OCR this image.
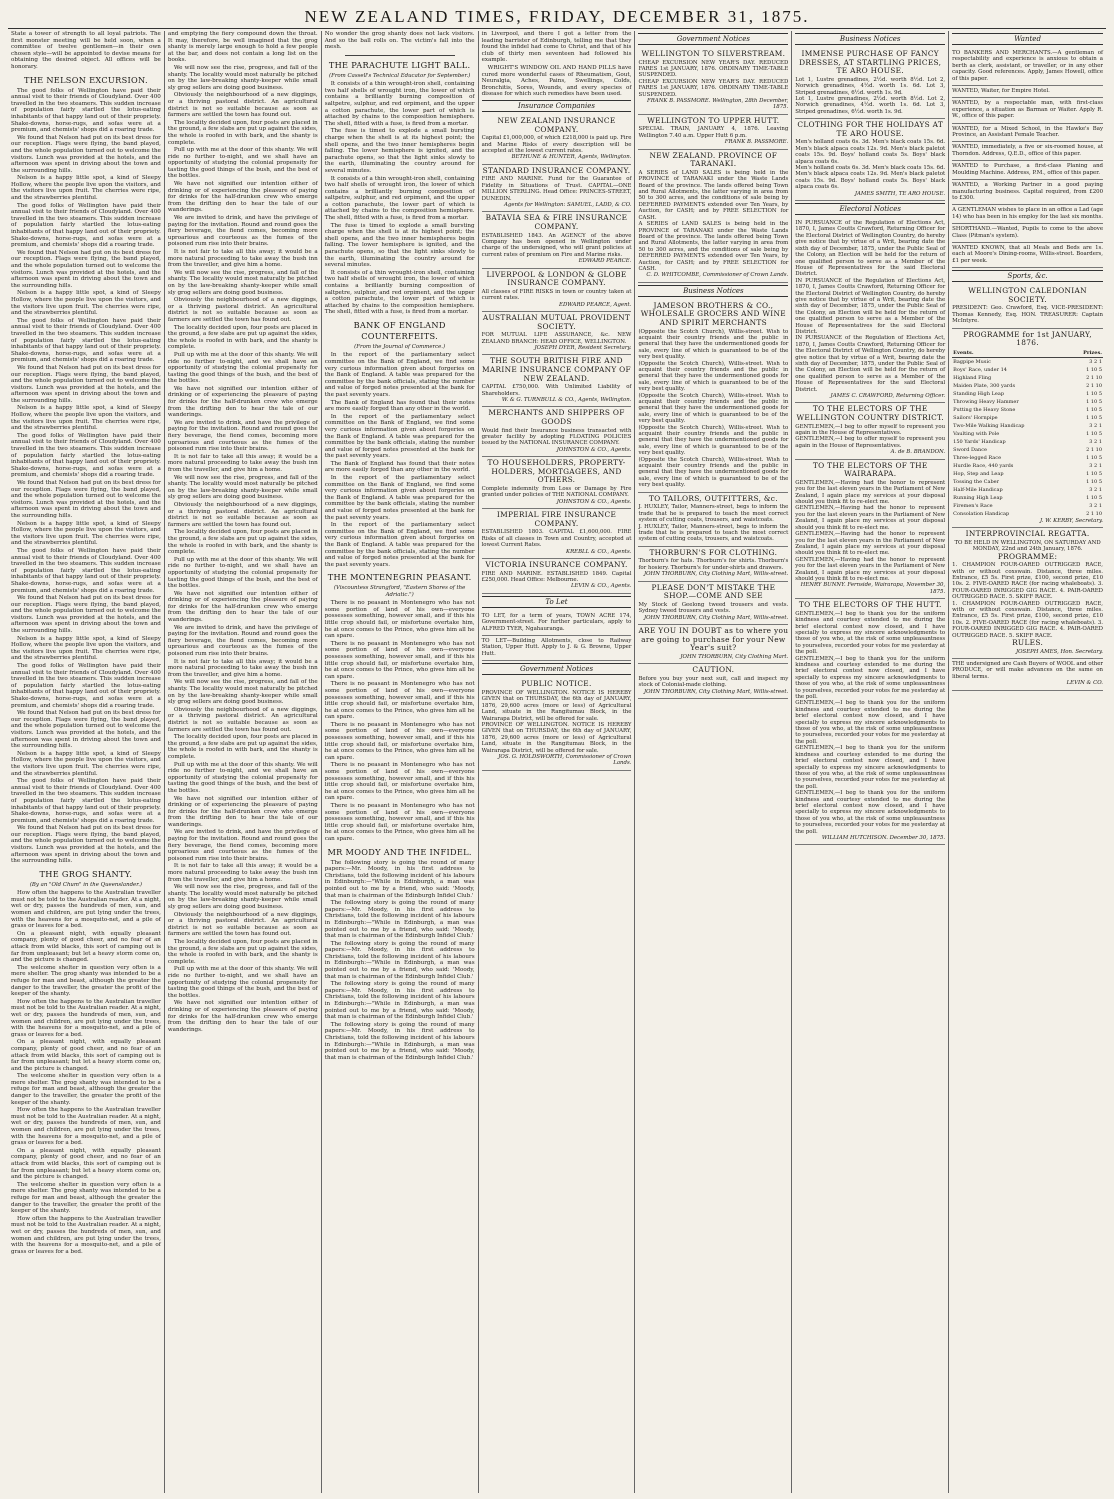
NEW ZEALAND TIMES, FRIDAY, DECEMBER 31, 1875.

State a tower of strength to all loyal patriots. The first monster meeting will be held soon, when a committee of twelve gentlemen—in their own chosen style—will be appointed to devise means for obtaining the desired object. All offices will be honorary.

THE NELSON EXCURSION.

The good folks of Wellington have paid their annual visit to their friends of Cloudyland. Over 400 travelled in the two steamers. This sudden increase of population fairly startled the lotus-eating inhabitants of that happy land out of their propriety. Shake-downs, horse-rugs, and sofas were at a premium, and chemists' shops did a roaring trade.

We found that Nelson had put on its best dress for our reception. Flags were flying, the band played, and the whole population turned out to welcome the visitors. Lunch was provided at the hotels, and the afternoon was spent in driving about the town and the surrounding hills.

Nelson is a happy little spot, a kind of Sleepy Hollow, where the people live upon the visitors, and the visitors live upon fruit. The cherries were ripe, and the strawberries plentiful.

The good folks of Wellington have paid their annual visit to their friends of Cloudyland. Over 400 travelled in the two steamers. This sudden increase of population fairly startled the lotus-eating inhabitants of that happy land out of their propriety. Shake-downs, horse-rugs, and sofas were at a premium, and chemists' shops did a roaring trade.

We found that Nelson had put on its best dress for our reception. Flags were flying, the band played, and the whole population turned out to welcome the visitors. Lunch was provided at the hotels, and the afternoon was spent in driving about the town and the surrounding hills.

Nelson is a happy little spot, a kind of Sleepy Hollow, where the people live upon the visitors, and the visitors live upon fruit. The cherries were ripe, and the strawberries plentiful.

The good folks of Wellington have paid their annual visit to their friends of Cloudyland. Over 400 travelled in the two steamers. This sudden increase of population fairly startled the lotus-eating inhabitants of that happy land out of their propriety. Shake-downs, horse-rugs, and sofas were at a premium, and chemists' shops did a roaring trade.

We found that Nelson had put on its best dress for our reception. Flags were flying, the band played, and the whole population turned out to welcome the visitors. Lunch was provided at the hotels, and the afternoon was spent in driving about the town and the surrounding hills.

Nelson is a happy little spot, a kind of Sleepy Hollow, where the people live upon the visitors, and the visitors live upon fruit. The cherries were ripe, and the strawberries plentiful.

The good folks of Wellington have paid their annual visit to their friends of Cloudyland. Over 400 travelled in the two steamers. This sudden increase of population fairly startled the lotus-eating inhabitants of that happy land out of their propriety. Shake-downs, horse-rugs, and sofas were at a premium, and chemists' shops did a roaring trade.

We found that Nelson had put on its best dress for our reception. Flags were flying, the band played, and the whole population turned out to welcome the visitors. Lunch was provided at the hotels, and the afternoon was spent in driving about the town and the surrounding hills.

Nelson is a happy little spot, a kind of Sleepy Hollow, where the people live upon the visitors, and the visitors live upon fruit. The cherries were ripe, and the strawberries plentiful.

The good folks of Wellington have paid their annual visit to their friends of Cloudyland. Over 400 travelled in the two steamers. This sudden increase of population fairly startled the lotus-eating inhabitants of that happy land out of their propriety. Shake-downs, horse-rugs, and sofas were at a premium, and chemists' shops did a roaring trade.

We found that Nelson had put on its best dress for our reception. Flags were flying, the band played, and the whole population turned out to welcome the visitors. Lunch was provided at the hotels, and the afternoon was spent in driving about the town and the surrounding hills.

Nelson is a happy little spot, a kind of Sleepy Hollow, where the people live upon the visitors, and the visitors live upon fruit. The cherries were ripe, and the strawberries plentiful.

The good folks of Wellington have paid their annual visit to their friends of Cloudyland. Over 400 travelled in the two steamers. This sudden increase of population fairly startled the lotus-eating inhabitants of that happy land out of their propriety. Shake-downs, horse-rugs, and sofas were at a premium, and chemists' shops did a roaring trade.

We found that Nelson had put on its best dress for our reception. Flags were flying, the band played, and the whole population turned out to welcome the visitors. Lunch was provided at the hotels, and the afternoon was spent in driving about the town and the surrounding hills.

Nelson is a happy little spot, a kind of Sleepy Hollow, where the people live upon the visitors, and the visitors live upon fruit. The cherries were ripe, and the strawberries plentiful.

The good folks of Wellington have paid their annual visit to their friends of Cloudyland. Over 400 travelled in the two steamers. This sudden increase of population fairly startled the lotus-eating inhabitants of that happy land out of their propriety. Shake-downs, horse-rugs, and sofas were at a premium, and chemists' shops did a roaring trade.

We found that Nelson had put on its best dress for our reception. Flags were flying, the band played, and the whole population turned out to welcome the visitors. Lunch was provided at the hotels, and the afternoon was spent in driving about the town and the surrounding hills.

THE GROG SHANTY.
(By an "Old Chum" in the Queenslander.)

How often the happens to the Australian traveller must not be told to the Australian reader. At a night, wet or dry, passes the hundreds of men, sun, and women and children, are put lying under the trees, with the heavens for a mosquito-net, and a pile of grass or leaves for a bed.

On a pleasant night, with equally pleasant company, plenty of good cheer, and no fear of an attack from wild blacks, this sort of camping out is far from unpleasant; but let a heavy storm come on, and the picture is changed.

The welcome shelter in question very often is a mere shelter. The grog shanty was intended to be a refuge for man and beast, although the greater the danger to the traveller, the greater the profit of the keeper of the shanty.

How often the happens to the Australian traveller must not be told to the Australian reader. At a night, wet or dry, passes the hundreds of men, sun, and women and children, are put lying under the trees, with the heavens for a mosquito-net, and a pile of grass or leaves for a bed.

On a pleasant night, with equally pleasant company, plenty of good cheer, and no fear of an attack from wild blacks, this sort of camping out is far from unpleasant; but let a heavy storm come on, and the picture is changed.

The welcome shelter in question very often is a mere shelter. The grog shanty was intended to be a refuge for man and beast, although the greater the danger to the traveller, the greater the profit of the keeper of the shanty.

How often the happens to the Australian traveller must not be told to the Australian reader. At a night, wet or dry, passes the hundreds of men, sun, and women and children, are put lying under the trees, with the heavens for a mosquito-net, and a pile of grass or leaves for a bed.

On a pleasant night, with equally pleasant company, plenty of good cheer, and no fear of an attack from wild blacks, this sort of camping out is far from unpleasant; but let a heavy storm come on, and the picture is changed.

The welcome shelter in question very often is a mere shelter. The grog shanty was intended to be a refuge for man and beast, although the greater the danger to the traveller, the greater the profit of the keeper of the shanty.

How often the happens to the Australian traveller must not be told to the Australian reader. At a night, wet or dry, passes the hundreds of men, sun, and women and children, are put lying under the trees, with the heavens for a mosquito-net, and a pile of grass or leaves for a bed.

and emptying the fiery compound down the throat. It may, therefore, be well imagined that the grog shanty is merely large enough to hold a few people at the bar, and does not contain a long list on the books.

We will now see the rise, progress, and fall of the shanty. The locality would most naturally be pitched on by the law-breaking shanty-keeper while small sly grog sellers are doing good business.

Obviously the neighbourhood of a new diggings, or a thriving pastoral district. An agricultural district is not so suitable because as soon as farmers are settled the town has found out.

The locality decided upon, four posts are placed in the ground, a few slabs are put up against the sides, the whole is roofed in with bark, and the shanty is complete.

Pull up with me at the door of this shanty. We will ride no further to-night, and we shall have an opportunity of studying the colonial propensity for tasting the good things of the bush, and the best of the bottles.

We have not signified our intention either of drinking or of experiencing the pleasure of paying for drinks for the half-drunken crew who emerge from the drifting den to hear the tale of our wanderings.

We are invited to drink, and have the privilege of paying for the invitation. Round and round goes the fiery beverage, the fiend comes, becoming more uproarious and courteous as the fumes of the poisoned rum rise into their brains.

It is not fair to take all this away; it would be a more natural proceeding to take away the bush inn from the traveller, and give him a home.

We will now see the rise, progress, and fall of the shanty. The locality would most naturally be pitched on by the law-breaking shanty-keeper while small sly grog sellers are doing good business.

Obviously the neighbourhood of a new diggings, or a thriving pastoral district. An agricultural district is not so suitable because as soon as farmers are settled the town has found out.

The locality decided upon, four posts are placed in the ground, a few slabs are put up against the sides, the whole is roofed in with bark, and the shanty is complete.

Pull up with me at the door of this shanty. We will ride no further to-night, and we shall have an opportunity of studying the colonial propensity for tasting the good things of the bush, and the best of the bottles.

We have not signified our intention either of drinking or of experiencing the pleasure of paying for drinks for the half-drunken crew who emerge from the drifting den to hear the tale of our wanderings.

We are invited to drink, and have the privilege of paying for the invitation. Round and round goes the fiery beverage, the fiend comes, becoming more uproarious and courteous as the fumes of the poisoned rum rise into their brains.

It is not fair to take all this away; it would be a more natural proceeding to take away the bush inn from the traveller, and give him a home.

We will now see the rise, progress, and fall of the shanty. The locality would most naturally be pitched on by the law-breaking shanty-keeper while small sly grog sellers are doing good business.

Obviously the neighbourhood of a new diggings, or a thriving pastoral district. An agricultural district is not so suitable because as soon as farmers are settled the town has found out.

The locality decided upon, four posts are placed in the ground, a few slabs are put up against the sides, the whole is roofed in with bark, and the shanty is complete.

Pull up with me at the door of this shanty. We will ride no further to-night, and we shall have an opportunity of studying the colonial propensity for tasting the good things of the bush, and the best of the bottles.

We have not signified our intention either of drinking or of experiencing the pleasure of paying for drinks for the half-drunken crew who emerge from the drifting den to hear the tale of our wanderings.

We are invited to drink, and have the privilege of paying for the invitation. Round and round goes the fiery beverage, the fiend comes, becoming more uproarious and courteous as the fumes of the poisoned rum rise into their brains.

It is not fair to take all this away; it would be a more natural proceeding to take away the bush inn from the traveller, and give him a home.

We will now see the rise, progress, and fall of the shanty. The locality would most naturally be pitched on by the law-breaking shanty-keeper while small sly grog sellers are doing good business.

Obviously the neighbourhood of a new diggings, or a thriving pastoral district. An agricultural district is not so suitable because as soon as farmers are settled the town has found out.

The locality decided upon, four posts are placed in the ground, a few slabs are put up against the sides, the whole is roofed in with bark, and the shanty is complete.

Pull up with me at the door of this shanty. We will ride no further to-night, and we shall have an opportunity of studying the colonial propensity for tasting the good things of the bush, and the best of the bottles.

We have not signified our intention either of drinking or of experiencing the pleasure of paying for drinks for the half-drunken crew who emerge from the drifting den to hear the tale of our wanderings.

We are invited to drink, and have the privilege of paying for the invitation. Round and round goes the fiery beverage, the fiend comes, becoming more uproarious and courteous as the fumes of the poisoned rum rise into their brains.

It is not fair to take all this away; it would be a more natural proceeding to take away the bush inn from the traveller, and give him a home.

We will now see the rise, progress, and fall of the shanty. The locality would most naturally be pitched on by the law-breaking shanty-keeper while small sly grog sellers are doing good business.

Obviously the neighbourhood of a new diggings, or a thriving pastoral district. An agricultural district is not so suitable because as soon as farmers are settled the town has found out.

The locality decided upon, four posts are placed in the ground, a few slabs are put up against the sides, the whole is roofed in with bark, and the shanty is complete.

Pull up with me at the door of this shanty. We will ride no further to-night, and we shall have an opportunity of studying the colonial propensity for tasting the good things of the bush, and the best of the bottles.

We have not signified our intention either of drinking or of experiencing the pleasure of paying for drinks for the half-drunken crew who emerge from the drifting den to hear the tale of our wanderings.

No wonder the grog shanty does not lack visitors. And so the ball rolls on. The victim's fall into the mesh.

THE PARACHUTE LIGHT BALL.
(From Cassell's Technical Educator for September.)

It consists of a thin wrought-iron shell, containing two half shells of wrought iron, the lower of which contains a brilliantly burning composition of saltpetre, sulphur, and red orpiment, and the upper a cotton parachute, the lower part of which is attached by chains to the composition hemisphere. The shell, fitted with a fuse, is fired from a mortar.

The fuse is timed to explode a small bursting charge when the shell is at its highest point; the shell opens, and the two inner hemispheres begin falling. The lower hemisphere is ignited, and the parachute opens, so that the light sinks slowly to the earth, illuminating the country around for several minutes.

It consists of a thin wrought-iron shell, containing two half shells of wrought iron, the lower of which contains a brilliantly burning composition of saltpetre, sulphur, and red orpiment, and the upper a cotton parachute, the lower part of which is attached by chains to the composition hemisphere. The shell, fitted with a fuse, is fired from a mortar.

The fuse is timed to explode a small bursting charge when the shell is at its highest point; the shell opens, and the two inner hemispheres begin falling. The lower hemisphere is ignited, and the parachute opens, so that the light sinks slowly to the earth, illuminating the country around for several minutes.

It consists of a thin wrought-iron shell, containing two half shells of wrought iron, the lower of which contains a brilliantly burning composition of saltpetre, sulphur, and red orpiment, and the upper a cotton parachute, the lower part of which is attached by chains to the composition hemisphere. The shell, fitted with a fuse, is fired from a mortar.

BANK OF ENGLAND COUNTERFEITS.
(From the Journal of Commerce.)

In the report of the parliamentary select committee on the Bank of England, we find some very curious information given about forgeries on the Bank of England. A table was prepared for the committee by the bank officials, stating the number and value of forged notes presented at the bank for the past seventy years.

The Bank of England has found that their notes are more easily forged than any other in the world.

In the report of the parliamentary select committee on the Bank of England, we find some very curious information given about forgeries on the Bank of England. A table was prepared for the committee by the bank officials, stating the number and value of forged notes presented at the bank for the past seventy years.

The Bank of England has found that their notes are more easily forged than any other in the world.

In the report of the parliamentary select committee on the Bank of England, we find some very curious information given about forgeries on the Bank of England. A table was prepared for the committee by the bank officials, stating the number and value of forged notes presented at the bank for the past seventy years.

In the report of the parliamentary select committee on the Bank of England, we find some very curious information given about forgeries on the Bank of England. A table was prepared for the committee by the bank officials, stating the number and value of forged notes presented at the bank for the past seventy years.

THE MONTENEGRIN PEASANT.
(Viscountess Strangford, "Eastern Shores of the Adriatic.")

There is no peasant in Montenegro who has not some portion of land of his own—everyone possesses something, however small, and if this his little crop should fail, or misfortune overtake him, he at once comes to the Prince, who gives him all he can spare.

There is no peasant in Montenegro who has not some portion of land of his own—everyone possesses something, however small, and if this his little crop should fail, or misfortune overtake him, he at once comes to the Prince, who gives him all he can spare.

There is no peasant in Montenegro who has not some portion of land of his own—everyone possesses something, however small, and if this his little crop should fail, or misfortune overtake him, he at once comes to the Prince, who gives him all he can spare.

There is no peasant in Montenegro who has not some portion of land of his own—everyone possesses something, however small, and if this his little crop should fail, or misfortune overtake him, he at once comes to the Prince, who gives him all he can spare.

There is no peasant in Montenegro who has not some portion of land of his own—everyone possesses something, however small, and if this his little crop should fail, or misfortune overtake him, he at once comes to the Prince, who gives him all he can spare.

There is no peasant in Montenegro who has not some portion of land of his own—everyone possesses something, however small, and if this his little crop should fail, or misfortune overtake him, he at once comes to the Prince, who gives him all he can spare.

MR MOODY AND THE INFIDEL.

The following story is going the round of many papers:—Mr. Moody, in his first address to Christians, told the following incident of his labours in Edinburgh:—"While in Edinburgh, a man was pointed out to me by a friend, who said: 'Moody, that man is chairman of the Edinburgh Infidel Club.'

The following story is going the round of many papers:—Mr. Moody, in his first address to Christians, told the following incident of his labours in Edinburgh:—"While in Edinburgh, a man was pointed out to me by a friend, who said: 'Moody, that man is chairman of the Edinburgh Infidel Club.'

The following story is going the round of many papers:—Mr. Moody, in his first address to Christians, told the following incident of his labours in Edinburgh:—"While in Edinburgh, a man was pointed out to me by a friend, who said: 'Moody, that man is chairman of the Edinburgh Infidel Club.'

The following story is going the round of many papers:—Mr. Moody, in his first address to Christians, told the following incident of his labours in Edinburgh:—"While in Edinburgh, a man was pointed out to me by a friend, who said: 'Moody, that man is chairman of the Edinburgh Infidel Club.'

The following story is going the round of many papers:—Mr. Moody, in his first address to Christians, told the following incident of his labours in Edinburgh:—"While in Edinburgh, a man was pointed out to me by a friend, who said: 'Moody, that man is chairman of the Edinburgh Infidel Club.'

in Liverpool, and there I got a letter from the leading barrister of Edinburgh, telling me that they found the infidel had come to Christ, and that of his club of thirty men seventeen had followed his example.

WRIGHT'S WINDOW OIL AND HAND PILLS have cured more wonderful cases of Rheumatism, Gout, Neuralgia, Aches, Pains, Swellings, Colds, Bronchitis, Sores, Wounds, and every species of disease for which such remedies have been used.

Insurance Companies
NEW ZEALAND INSURANCE COMPANY.
Capital £1,000,000, of which £218,000 is paid up. Fire and Marine Risks of every description will be accepted at the lowest current rates.
BETHUNE & HUNTER, Agents, Wellington.
STANDARD INSURANCE COMPANY.
FIRE AND MARINE. Fund for the Guarantee of Fidelity in Situations of Trust. CAPITAL—ONE MILLION STERLING. Head Office: PRINCES-STREET, DUNEDIN.
Agents for Wellington: SAMUEL, LADD, & CO.
BATAVIA SEA & FIRE INSURANCE COMPANY.
ESTABLISHED 1843. An AGENCY of the above Company has been opened in Wellington under charge of the undersigned, who will grant policies at current rates of premium on Fire and Marine risks.
EDWARD PEARCE.
LIVERPOOL & LONDON & GLOBE INSURANCE COMPANY.
All classes of FIRE RISKS in town or country taken at current rates.
EDWARD PEARCE, Agent.
AUSTRALIAN MUTUAL PROVIDENT SOCIETY.
FOR MUTUAL LIFE ASSURANCE, &c. NEW ZEALAND BRANCH: HEAD OFFICE, WELLINGTON.
JOSEPH DYER, Resident Secretary.
THE SOUTH BRITISH FIRE AND MARINE INSURANCE COMPANY OF NEW ZEALAND.
CAPITAL £750,000. With Unlimited Liability of Shareholders.
W. & G. TURNBULL & CO., Agents, Wellington.
MERCHANTS AND SHIPPERS OF GOODS
Would find their Insurance business transacted with greater facility by adopting FLOATING POLICIES issued by the NATIONAL INSURANCE COMPANY.
JOHNSTON & CO., Agents.
TO HOUSEHOLDERS, PROPERTY-HOLDERS, MORTGAGEES, AND OTHERS.
Complete indemnity from Loss or Damage by Fire granted under policies of THE NATIONAL COMPANY.
JOHNSTON & CO., Agents.
IMPERIAL FIRE INSURANCE COMPANY.
ESTABLISHED 1803. CAPITAL £1,600,000. FIRE Risks of all classes in Town and Country, accepted at lowest Current Rates.
KREBLL & CO., Agents.
VICTORIA INSURANCE COMPANY.
FIRE AND MARINE. ESTABLISHED 1849. Capital £250,000. Head Office: Melbourne.
LEVIN & CO., Agents.
To Let
TO LET, for a term of years, TOWN ACRE 174, Government-street. For further particulars, apply to ALFRED TYER, Ngahauranga.
TO LET—Building Allotments, close to Railway Station, Upper Hutt. Apply to J. & G. Browne, Upper Hutt.
Government Notices
PUBLIC NOTICE.
PROVINCE OF WELLINGTON. NOTICE IS HEREBY GIVEN that on THURSDAY, the 6th day of JANUARY, 1876, 29,600 acres (more or less) of Agricultural Land, situate in the Rangitumau Block, in the Wairarapa District, will be offered for sale.
PROVINCE OF WELLINGTON. NOTICE IS HEREBY GIVEN that on THURSDAY, the 6th day of JANUARY, 1876, 29,600 acres (more or less) of Agricultural Land, situate in the Rangitumau Block, in the Wairarapa District, will be offered for sale.
JOS. G. HOLDSWORTH, Commissioner of Crown Lands.
Government Notices
WELLINGTON TO SILVERSTREAM.
CHEAP EXCURSION NEW YEAR'S DAY. REDUCED FARES 1st JANUARY, 1876. ORDINARY TIME-TABLE SUSPENDED.
CHEAP EXCURSION NEW YEAR'S DAY. REDUCED FARES 1st JANUARY, 1876. ORDINARY TIME-TABLE SUSPENDED.
FRANK B. PASSMORE. Wellington, 28th December, 1875.
WELLINGTON TO UPPER HUTT.
SPECIAL TRAIN, JANUARY 4, 1876. Leaving Wellington 7.40 a.m. Upper Hutt 6 p.m.
FRANK B. PASSMORE.
NEW ZEALAND. PROVINCE OF TARANAKI.
A SERIES of LAND SALES is being held in the PROVINCE of TARANAKI under the Waste Lands Board of the province. The lands offered being Town and Rural Allotments, the latter varying in area from 50 to 300 acres, and the conditions of sale being by DEFERRED PAYMENTS extended over Ten Years, by Auction, for CASH; and by FREE SELECTION for CASH.
A SERIES of LAND SALES is being held in the PROVINCE of TARANAKI under the Waste Lands Board of the province. The lands offered being Town and Rural Allotments, the latter varying in area from 50 to 300 acres, and the conditions of sale being by DEFERRED PAYMENTS extended over Ten Years, by Auction, for CASH; and by FREE SELECTION for CASH.
C. D. WHITCOMBE, Commissioner of Crown Lands.
Business Notices
JAMESON BROTHERS & CO., WHOLESALE GROCERS AND WINE AND SPIRIT MERCHANTS
(Opposite the Scotch Church), Willis-street. Wish to acquaint their country friends and the public in general that they have the undermentioned goods for sale, every line of which is guaranteed to be of the very best quality.
(Opposite the Scotch Church), Willis-street. Wish to acquaint their country friends and the public in general that they have the undermentioned goods for sale, every line of which is guaranteed to be of the very best quality.
(Opposite the Scotch Church), Willis-street. Wish to acquaint their country friends and the public in general that they have the undermentioned goods for sale, every line of which is guaranteed to be of the very best quality.
(Opposite the Scotch Church), Willis-street. Wish to acquaint their country friends and the public in general that they have the undermentioned goods for sale, every line of which is guaranteed to be of the very best quality.
(Opposite the Scotch Church), Willis-street. Wish to acquaint their country friends and the public in general that they have the undermentioned goods for sale, every line of which is guaranteed to be of the very best quality.
TO TAILORS, OUTFITTERS, &c.
J. HUXLEY, Tailor, Manners-street, begs to inform the trade that he is prepared to teach the most correct system of cutting coats, trousers, and waistcoats.
J. HUXLEY, Tailor, Manners-street, begs to inform the trade that he is prepared to teach the most correct system of cutting coats, trousers, and waistcoats.
THORBURN'S FOR CLOTHING.
Thorburn's for hats. Thorburn's for shirts. Thorburn's for hosiery. Thorburn's for under-shirts and drawers.
JOHN THORBURN, City Clothing Mart, Willis-street.
PLEASE DON'T MISTAKE THE SHOP.—COME AND SEE
My Stock of Geelong tweed trousers and vests. Sydney tweed trousers and vests.
JOHN THORBURN, City Clothing Mart, Willis-street.
ARE YOU IN DOUBT as to where you are going to purchase for your New Year's suit?
JOHN THORBURN, City Clothing Mart.
CAUTION.
Before you buy your next suit, call and inspect my stock of Colonial-made clothing.
JOHN THORBURN, City Clothing Mart, Willis-street.
Business Notices
IMMENSE PURCHASE OF FANCY DRESSES, AT STARTLING PRICES, TE ARO HOUSE.
Lot 1, Lustre grenadines, 2½d. worth 8½d. Lot 2, Norwich grenadines, 4½d. worth 1s. 6d. Lot 3, Striped grenadines, 6½d. worth 1s. 9d.
Lot 1, Lustre grenadines, 2½d. worth 8½d. Lot 2, Norwich grenadines, 4½d. worth 1s. 6d. Lot 3, Striped grenadines, 6½d. worth 1s. 9d.
CLOTHING FOR THE HOLIDAYS AT TE ARO HOUSE.
Men's holland coats 6s. 3d. Men's black coats 15s. 6d. Men's black alpaca coats 12s. 9d. Men's black paletot coats 15s. 9d. Boys' holland coats 5s. Boys' black alpaca coats 6s.
Men's holland coats 6s. 3d. Men's black coats 15s. 6d. Men's black alpaca coats 12s. 9d. Men's black paletot coats 15s. 9d. Boys' holland coats 5s. Boys' black alpaca coats 6s.
JAMES SMITH, TE ARO HOUSE.
Electoral Notices
IN PURSUANCE of the Regulation of Elections Act, 1870, I, James Coutts Crawford, Returning Officer for the Electoral District of Wellington Country, do hereby give notice that by virtue of a Writ, bearing date the sixth day of December, 1875, under the Public Seal of the Colony, an Election will be held for the return of one qualified person to serve as a Member of the House of Representatives for the said Electoral District.
IN PURSUANCE of the Regulation of Elections Act, 1870, I, James Coutts Crawford, Returning Officer for the Electoral District of Wellington Country, do hereby give notice that by virtue of a Writ, bearing date the sixth day of December, 1875, under the Public Seal of the Colony, an Election will be held for the return of one qualified person to serve as a Member of the House of Representatives for the said Electoral District.
IN PURSUANCE of the Regulation of Elections Act, 1870, I, James Coutts Crawford, Returning Officer for the Electoral District of Wellington Country, do hereby give notice that by virtue of a Writ, bearing date the sixth day of December, 1875, under the Public Seal of the Colony, an Election will be held for the return of one qualified person to serve as a Member of the House of Representatives for the said Electoral District.
JAMES C. CRAWFORD, Returning Officer.
TO THE ELECTORS OF THE WELLINGTON COUNTRY DISTRICT.
GENTLEMEN,—I beg to offer myself to represent you again in the House of Representatives.
GENTLEMEN,—I beg to offer myself to represent you again in the House of Representatives.
A. de B. BRANDON.
TO THE ELECTORS OF THE WAIRARAPA.
GENTLEMEN,—Having had the honor to represent you for the last eleven years in the Parliament of New Zealand, I again place my services at your disposal should you think fit to re-elect me.
GENTLEMEN,—Having had the honor to represent you for the last eleven years in the Parliament of New Zealand, I again place my services at your disposal should you think fit to re-elect me.
GENTLEMEN,—Having had the honor to represent you for the last eleven years in the Parliament of New Zealand, I again place my services at your disposal should you think fit to re-elect me.
GENTLEMEN,—Having had the honor to represent you for the last eleven years in the Parliament of New Zealand, I again place my services at your disposal should you think fit to re-elect me.
HENRY BUNNY. Fernside, Wairarapa, November 30, 1875.
TO THE ELECTORS OF THE HUTT.
GENTLEMEN,—I beg to thank you for the uniform kindness and courtesy extended to me during the brief electoral contest now closed, and I have specially to express my sincere acknowledgments to those of you who, at the risk of some unpleasantness to yourselves, recorded your votes for me yesterday at the poll.
GENTLEMEN,—I beg to thank you for the uniform kindness and courtesy extended to me during the brief electoral contest now closed, and I have specially to express my sincere acknowledgments to those of you who, at the risk of some unpleasantness to yourselves, recorded your votes for me yesterday at the poll.
GENTLEMEN,—I beg to thank you for the uniform kindness and courtesy extended to me during the brief electoral contest now closed, and I have specially to express my sincere acknowledgments to those of you who, at the risk of some unpleasantness to yourselves, recorded your votes for me yesterday at the poll.
GENTLEMEN,—I beg to thank you for the uniform kindness and courtesy extended to me during the brief electoral contest now closed, and I have specially to express my sincere acknowledgments to those of you who, at the risk of some unpleasantness to yourselves, recorded your votes for me yesterday at the poll.
GENTLEMEN,—I beg to thank you for the uniform kindness and courtesy extended to me during the brief electoral contest now closed, and I have specially to express my sincere acknowledgments to those of you who, at the risk of some unpleasantness to yourselves, recorded your votes for me yesterday at the poll.
WILLIAM HUTCHISON. December 30, 1875.
Wanted
TO BANKERS AND MERCHANTS.—A gentleman of respectability and experience is anxious to obtain a berth as clerk, assistant, or traveller, or in any other capacity. Good references. Apply, James Howell, office of this paper.
WANTED, Waiter, for Empire Hotel.
WANTED, by a respectable man, with first-class experience, a situation as Barman or Waiter. Apply R. W., office of this paper.
WANTED, for a Mixed School, in the Hawke's Bay Province, an Assistant Female Teacher.
WANTED, immediately, a five or six-roomed house, at Thorndon. Address, Q.E.D., office of this paper.
WANTED to Purchase, a first-class Planing and Moulding Machine. Address, P.M., office of this paper.
WANTED, a Working Partner in a good paying manufacturing business. Capital required, from £200 to £300.
A GENTLEMAN wishes to place in an office a Lad (age 14) who has been in his employ for the last six months.
SHORTHAND.—Wanted, Pupils to come to the above Class (Pitman's system).
WANTED KNOWN, that all Meals and Beds are 1s. each at Moore's Dining-rooms, Willis-street. Boarders, £1 per week.
Sports, &c.
WELLINGTON CALEDONIAN SOCIETY.
PRESIDENT: Geo. Crawford, Esq. VICE-PRESIDENT: Thomas Kennedy, Esq. HON. TREASURER: Captain McIntyre.
PROGRAMME for 1st JANUARY, 1876.
Events.	Prizes.
Bagpipe Music	3 2 1
Boys' Race, under 14	1 10 5
Highland Fling	2 1 10
Maiden Plate, 300 yards	2 1 10
Standing High Leap	1 10 5
Throwing Heavy Hammer	1 10 5
Putting the Heavy Stone	1 10 5
Sailors' Hornpipe	1 10 5
Two-Mile Walking Handicap	3 2 1
Vaulting with Pole	1 10 5
150 Yards' Handicap	3 2 1
Sword Dance	2 1 10
Three-legged Race	1 10 5
Hurdle Race, 440 yards	3 2 1
Hop, Step and Leap	1 10 5
Tossing the Caber	1 10 5
Half-Mile Handicap	3 2 1
Running High Leap	1 10 5
Firemen's Race	3 2 1
Consolation Handicap	2 1 10
J. W. KERBY, Secretary.
INTERPROVINCIAL REGATTA.
TO BE HELD IN WELLINGTON, ON SATURDAY AND MONDAY, 22nd and 24th January, 1876.
PROGRAMME:
1. CHAMPION FOUR-OARED OUTRIGGED RACE, with or without coxswain. Distance, three miles. Entrance, £5 5s. First prize, £100, second prize, £10 10s. 2. FIVE-OARED RACE (for racing whaleboats). 3. FOUR-OARED INRIGGED GIG RACE. 4. PAIR-OARED OUTRIGGED RACE. 5. SKIFF RACE.
1. CHAMPION FOUR-OARED OUTRIGGED RACE, with or without coxswain. Distance, three miles. Entrance, £5 5s. First prize, £100, second prize, £10 10s. 2. FIVE-OARED RACE (for racing whaleboats). 3. FOUR-OARED INRIGGED GIG RACE. 4. PAIR-OARED OUTRIGGED RACE. 5. SKIFF RACE.
RULES.
JOSEPH AMES, Hon. Secretary.
THE undersigned are Cash Buyers of WOOL and other PRODUCE, or will make advances on the same on liberal terms.
LEVIN & CO.
